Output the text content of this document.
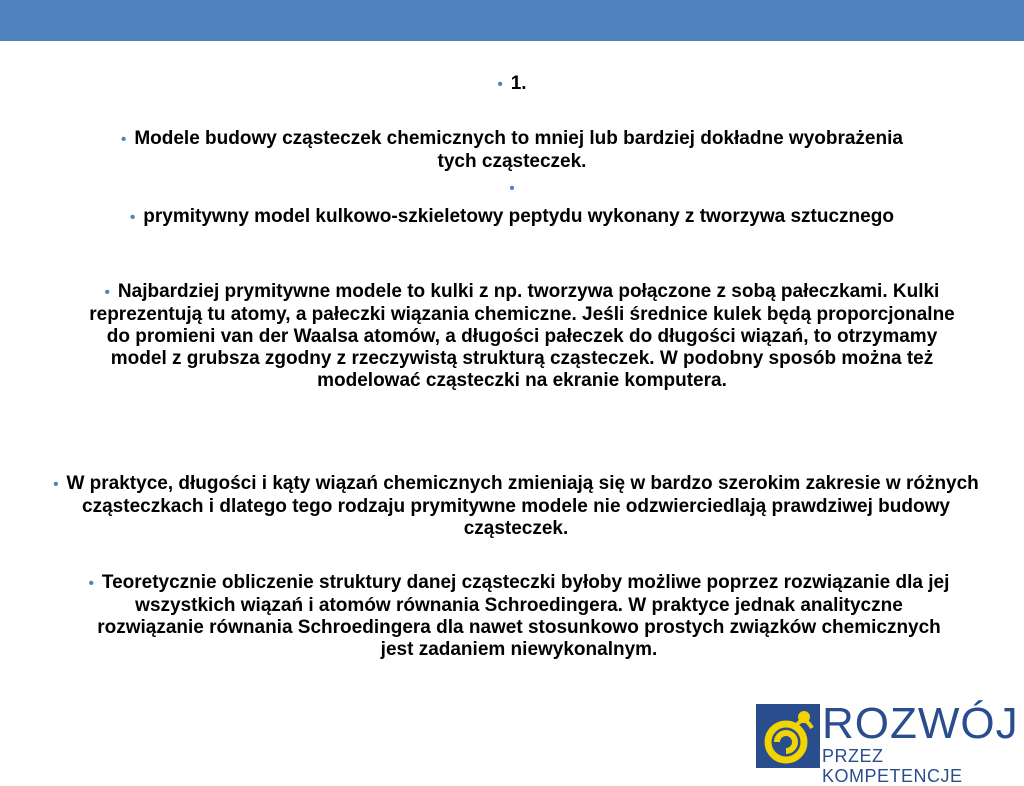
• 1.

• Modele budowy cząsteczek chemicznych to mniej lub bardziej dokładne wyobrażenia tych cząsteczek.

•

• prymitywny model kulkowo-szkieletowy peptydu wykonany z tworzywa sztucznego

• Najbardziej prymitywne modele to kulki z np. tworzywa połączone z sobą pałeczkami. Kulki reprezentują tu atomy, a pałeczki wiązania chemiczne. Jeśli średnice kulek będą proporcjonalne do promieni van der Waalsa atomów, a długości pałeczek do długości wiązań, to otrzymamy model z grubsza zgodny z rzeczywistą strukturą cząsteczek. W podobny sposób można też modelować cząsteczki na ekranie komputera.

• W praktyce, długości i kąty wiązań chemicznych zmieniają się w bardzo szerokim zakresie w różnych cząsteczkach i dlatego tego rodzaju prymitywne modele nie odzwierciedlają prawdziwej budowy cząsteczek.

• Teoretycznie obliczenie struktury danej cząsteczki byłoby możliwe poprzez rozwiązanie dla jej wszystkich wiązań i atomów równania Schroedingera. W praktyce jednak analityczne rozwiązanie równania Schroedingera dla nawet stosunkowo prostych związków chemicznych jest zadaniem niewykonalnym.

ROZWÓJ
PRZEZ KOMPETENCJE
